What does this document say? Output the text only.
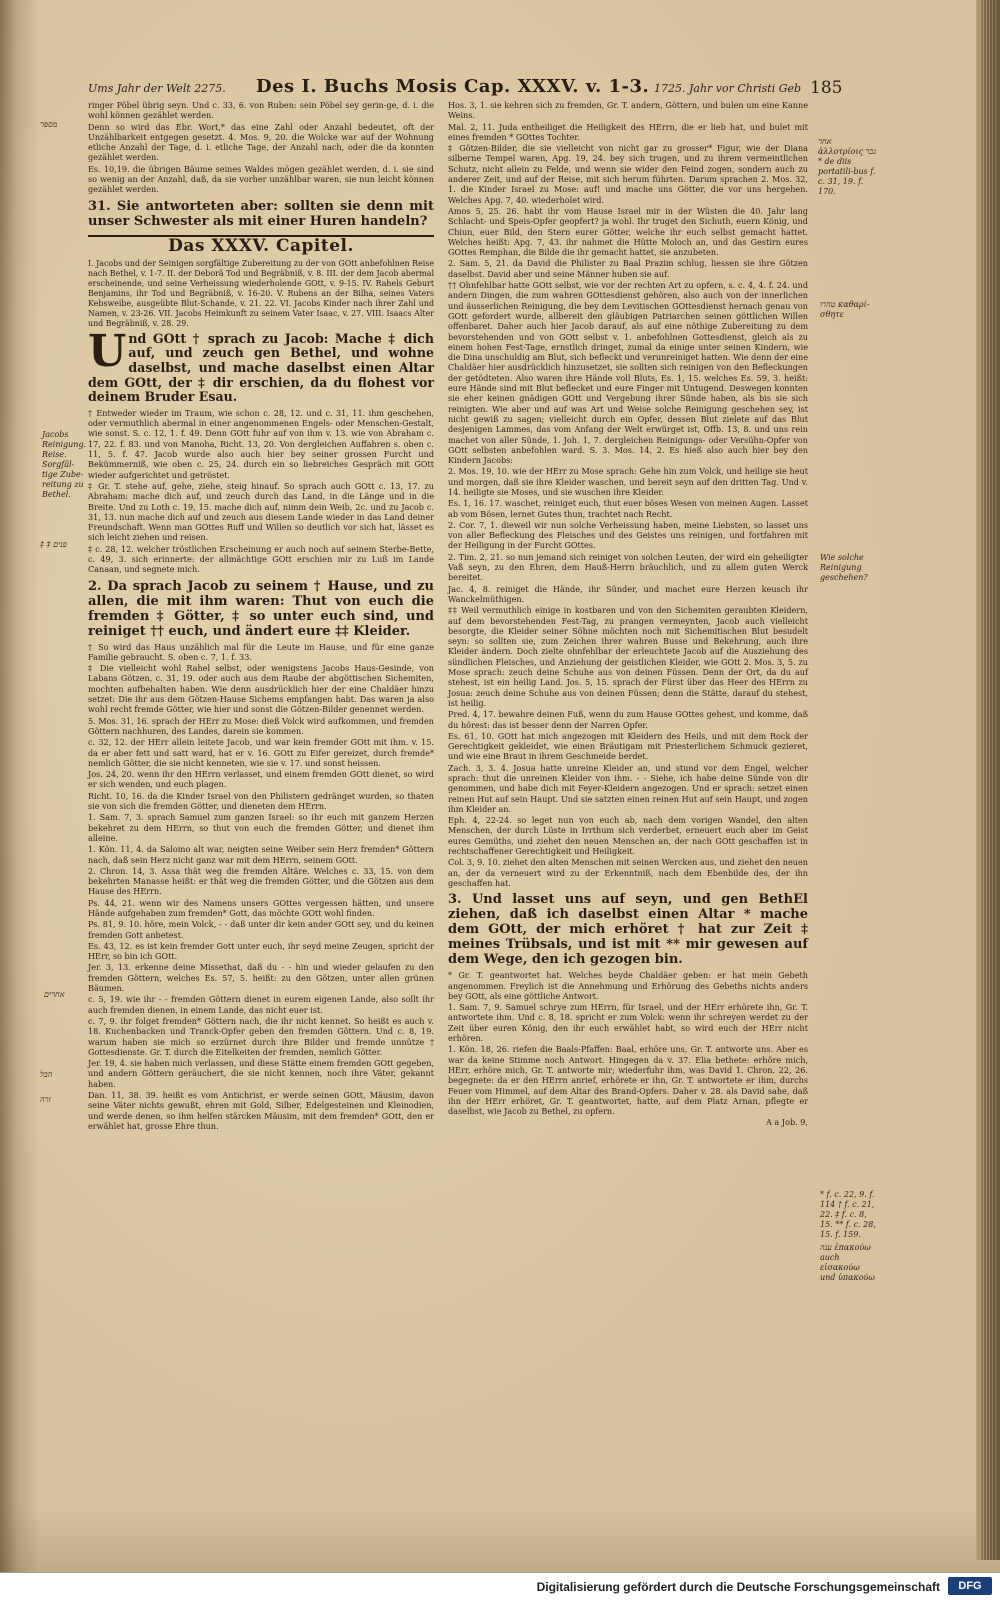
Ums Jahr der Welt 2275. Des I. Buchs Mosis Cap. XXXV. v. 1-3. 1725. Jahr vor Christi Geb 185

ringer Pöbel übrig seyn. Und c. 33, 6. von Ruben: sein Pöbel sey gerin-ge, d. i. die wohl können gezählet werden.

Denn so wird das Ebr. Wort,* das eine Zahl oder Anzahl bedeutet, oft der Unzählbarkeit entgegen gesetzt. 4. Mos. 9, 20. die Wolcke war auf der Wohnung etliche Anzahl der Tage, d. i. etliche Tage, der Anzahl nach, oder die da konnten gezählet werden.

Es. 10,19. die übrigen Bäume seines Waldes mögen gezählet werden, d. i. sie sind so wenig an der Anzahl, daß, da sie vorher unzählbar waren, sie nun leicht können gezählet werden.

31. Sie antworteten aber: sollten sie denn mit unser Schwester als mit einer Huren handeln?

Das XXXV. Capitel.

I. Jacobs und der Seinigen sorgfältige Zubereitung zu der von GOtt anbefohlnen Reise nach Bethel, v. 1-7. II. der Deborä Tod und Begräbniß, v. 8. III. der dem Jacob abermal erscheinende, und seine Verheissung wiederholende GOtt, v. 9-15. IV. Rahels Geburt Benjamins, ihr Tod und Begräbniß, v. 16-20. V. Rubens an der Bilha, seines Vaters Kebsweibe, ausgeübte Blut-Schande, v. 21. 22. VI. Jacobs Kinder nach ihrer Zahl und Namen, v. 23-26. VII. Jacobs Heimkunft zu seinem Vater Isaac, v. 27. VIII. Isaacs Alter und Begräbniß, v. 28. 29.

U nd GOtt † sprach zu Jacob: Mache ‡ dich auf, und zeuch gen Bethel, und wohne daselbst, und mache daselbst einen Altar dem GOtt, der ‡ dir erschien, da du flohest vor deinem Bruder Esau.

† Entweder wieder im Traum, wie schon c. 28, 12. und c. 31, 11. ihm geschehen, oder vermuthlich abermal in einer angenommenen Engels- oder Menschen-Gestalt, wie sonst. S. c. 12, 1. f. 49. Denn GOtt fuhr auf von ihm v. 13. wie von Abraham c. 17, 22. f. 83. und von Manoha, Richt. 13, 20. Von dergleichen Auffahren s. oben c. 11, 5. f. 47. Jacob wurde also auch hier bey seiner grossen Furcht und Bekümmerniß, wie oben c. 25, 24. durch ein so liebreiches Gespräch mit GOtt wieder aufgerichtet und getröstet.

‡ Gr. T. stehe auf, gehe, ziehe, steig hinauf. So sprach auch GOtt c. 13, 17. zu Abraham: mache dich auf, und zeuch durch das Land, in die Länge und in die Breite. Und zu Loth c. 19, 15. mache dich auf, nimm dein Weib, 2c. und zu Jacob c. 31, 13. nun mache dich auf und zeuch aus diesem Lande wieder in das Land deiner Freundschaft. Wenn man GOttes Ruff und Willen so deutlich vor sich hat, lässet es sich leicht ziehen und reisen.

‡ c. 28, 12. welcher tröstlichen Erscheinung er auch noch auf seinem Sterbe-Bette, c. 49, 3. sich erinnerte: der allmächtige GOtt erschien mir zu Luß im Lande Canaan, und segnete mich.

2. Da sprach Jacob zu seinem † Hause, und zu allen, die mit ihm waren: Thut von euch die fremden ‡ Götter, ‡ so unter euch sind, und reiniget †† euch, und ändert eure ‡‡ Kleider.

† So wird das Haus unzählich mal für die Leute im Hause, und für eine ganze Familie gebraucht. S. oben c. 7, 1. f. 33.

‡ Die vielleicht wohl Rahel selbst, oder wenigstens Jacobs Haus-Gesinde, von Labans Götzen, c. 31, 19. oder auch aus dem Raube der abgöttischen Sichemiten, mochten aufbehalten haben. Wie denn ausdrücklich hier der eine Chaldäer hinzu setzet: Die ihr aus dem Götzen-Hause Sichems empfangen habt. Das waren ja also wohl recht fremde Götter, wie hier und sonst die Götzen-Bilder genennet werden.

5. Mos. 31, 16. sprach der HErr zu Mose: dieß Volck wird aufkommen, und fremden Göttern nachhuren, des Landes, darein sie kommen.

c. 32, 12. der HErr allein leitete Jacob, und war kein fremder GOtt mit ihm. v. 15. da er aber fett und satt ward, hat er v. 16. GOtt zu Eifer gereizet, durch fremde* nemlich Götter, die sie nicht kenneten, wie sie v. 17. und sonst heissen.

Jos. 24, 20. wenn ihr den HErrn verlasset, und einem fremden GOtt dienet, so wird er sich wenden, und euch plagen.

Richt. 10, 16. da die Kinder Israel von den Philistern gedränget wurden, so thaten sie von sich die fremden Götter, und dieneten dem HErrn.

1. Sam. 7, 3. sprach Samuel zum ganzen Israel: so ihr euch mit ganzem Herzen bekehret zu dem HErrn, so thut von euch die fremden Götter, und dienet ihm alleine.

1. Kön. 11, 4. da Salomo alt war, neigten seine Weiber sein Herz fremden* Göttern nach, daß sein Herz nicht ganz war mit dem HErrn, seinem GOtt.

2. Chron. 14, 3. Assa thät weg die fremden Altäre. Welches c. 33, 15. von dem bekehrten Manasse heißt: er thät weg die fremden Götter, und die Götzen aus dem Hause des HErrn.

Ps. 44, 21. wenn wir des Namens unsers GOttes vergessen hätten, und unsere Hände aufgehaben zum fremden* Gott, das möchte GOtt wohl finden.

Ps. 81, 9. 10. höre, mein Volck, - - daß unter dir kein ander GOtt sey, und du keinen fremden Gott anbetest.

Es. 43, 12. es ist kein fremder Gott unter euch, ihr seyd meine Zeugen, spricht der HErr, so bin ich GOtt.

Jer. 3, 13. erkenne deine Missethat, daß du - - hin und wieder gelaufen zu den fremden Göttern, welches Es. 57, 5. heißt: zu den Götzen, unter allen grünen Bäumen.

c. 5, 19. wie ihr - - fremden Göttern dienet in eurem eigenen Lande, also sollt ihr auch fremden dienen, in einem Lande, das nicht euer ist.

c. 7, 9. ihr folget fremden* Göttern nach, die ihr nicht kennet. So heißt es auch v. 18. Kuchenbacken und Tranck-Opfer geben den fremden Göttern. Und c. 8, 19. warum haben sie mich so erzürnet durch ihre Bilder und fremde unnütze † Gottesdienste. Gr. T. durch die Eitelkeiten der fremden, nemlich Götter.

Jer. 19, 4. sie haben mich verlassen, und diese Stätte einem fremden GOtt gegeben, und andern Göttern geräuchert, die sie nicht kennen, noch ihre Väter, gekannt haben.

Dan. 11, 38. 39. heißt es vom Antichrist, er werde seinen GOtt, Mäusim, davon seine Väter nichts gewußt, ehren mit Gold, Silber, Edelgesteinen und Kleinodien, und werde denen, so ihm helfen stärcken Mäusim, mit dem fremden* GOtt, den er erwählet hat, grosse Ehre thun.

Hos. 3, 1. sie kehren sich zu fremden, Gr. T. andern, Göttern, und bulen um eine Kanne Weins.

Mal. 2, 11. Juda entheiliget die Heiligkeit des HErrn, die er lieb hat, und bulet mit eines fremden * GOttes Tochter.

‡ Götzen-Bilder, die sie vielleicht von nicht gar zu grosser* Figur, wie der Diana silberne Tempel waren, Apg. 19, 24. bey sich trugen, und zu ihrem vermeintlichen Schutz, nicht allein zu Felde, und wenn sie wider den Feind zogen, sondern auch zu anderer Zeit, und auf der Reise, mit sich herum führten. Darum sprachen 2. Mos. 32, 1. die Kinder Israel zu Mose: auf! und mache uns Götter, die vor uns hergehen. Welches Apg. 7, 40. wiederholet wird.

Amos 5, 25. 26. habt ihr vom Hause Israel mir in der Wüsten die 40. Jahr lang Schlacht- und Speis-Opfer geopfert? ja wohl. Ihr truget den Sichuth, euern König, und Chiun, euer Bild, den Stern eurer Götter, welche ihr euch selbst gemacht hattet. Welches heißt: Apg. 7, 43. ihr nahmet die Hütte Moloch an, und das Gestirn eures GOttes Remphan, die Bilde die ihr gemacht hattet, sie anzubeten.

2. Sam. 5, 21. da David die Philister zu Baal Prazim schlug, liessen sie ihre Götzen daselbst. David aber und seine Männer huben sie auf.

†† Ohnfehlbar hatte GOtt selbst, wie vor der rechten Art zu opfern, s. c. 4, 4. f. 24. und andern Dingen, die zum wahren GOttesdienst gehören, also auch von der innerlichen und äusserlichen Reinigung, die bey dem Levitischen GOttesdienst hernach genau von GOtt gefordert wurde, allbereit den gläubigen Patriarchen seinen göttlichen Willen offenbaret. Daher auch hier Jacob darauf, als auf eine nöthige Zubereitung zu dem bevorstehenden und von GOtt selbst v. 1. anbefohlnen Gottesdienst, gleich als zu einem hohen Fest-Tage, ernstlich dringet, zumal da einige unter seinen Kindern, wie die Dina unschuldig am Blut, sich befleckt und verunreiniget hatten. Wie denn der eine Chaldäer hier ausdrücklich hinzusetzet, sie sollten sich reinigen von den Befleckungen der getödteten. Also waren ihre Hände voll Bluts, Es. 1, 15. welches Es. 59, 3. heißt: eure Hände sind mit Blut beflecket und eure Finger mit Untugend. Deswegen konnten sie eher keinen gnädigen GOtt und Vergebung ihrer Sünde haben, als bis sie sich reinigten. Wie aber und auf was Art und Weise solche Reinigung geschehen sey, ist nicht gewiß zu sagen; vielleicht durch ein Opfer, dessen Blut zielete auf das Blut desjenigen Lammes, das vom Anfang der Welt erwürget ist, Offb. 13, 8. und uns rein machet von aller Sünde, 1. Joh. 1, 7. dergleichen Reinigungs- oder Versühn-Opfer von GOtt selbsten anbefohlen ward. S. 3. Mos. 14, 2. Es hieß also auch hier bey den Kindern Jacobs:

2. Mos. 19, 10. wie der HErr zu Mose sprach: Gehe hin zum Volck, und heilige sie heut und morgen, daß sie ihre Kleider waschen, und bereit seyn auf den dritten Tag. Und v. 14. heiligte sie Moses, und sie wuschen ihre Kleider.

Es. 1, 16. 17. waschet, reiniget euch, thut euer böses Wesen von meinen Augen. Lasset ab vom Bösen, lernet Gutes thun, trachtet nach Recht.

2. Cor. 7, 1. dieweil wir nun solche Verheissung haben, meine Liebsten, so lasset uns von aller Befleckung des Fleisches und des Geistes uns reinigen, und fortfahren mit der Heiligung in der Furcht GOttes.

2. Tim. 2, 21. so nun jemand sich reiniget von solchen Leuten, der wird ein geheiligter Vaß seyn, zu den Ehren, dem Hauß-Herrn bräuchlich, und zu allem guten Werck bereitet.

Jac. 4, 8. reiniget die Hände, ihr Sünder, und machet eure Herzen keusch ihr Wanckelmüthigen.

‡‡ Weil vermuthlich einige in kostbaren und von den Sichemiten geraubten Kleidern, auf dem bevorstehenden Fest-Tag, zu prangen vermeynten, Jacob auch vielleicht besorgte, die Kleider seiner Söhne möchten noch mit Sichemitischen Blut besudelt seyn: so sollten sie, zum Zeichen ihrer wahren Busse und Bekehrung, auch ihre Kleider ändern. Doch zielte ohnfehlbar der erleuchtete Jacob auf die Ausziehung des sündlichen Fleisches, und Anziehung der geistlichen Kleider, wie GOtt 2. Mos. 3, 5. zu Mose sprach: zeuch deine Schuhe aus von deinen Füssen. Denn der Ort, da du auf stehest, ist ein heilig Land. Jos. 5, 15. sprach der Fürst über das Heer des HErrn zu Josua: zeuch deine Schuhe aus von deinen Füssen; denn die Stätte, darauf du stehest, ist heilig.

Pred. 4, 17. bewahre deinen Fuß, wenn du zum Hause GOttes gehest, und komme, daß du hörest: das ist besser denn der Narren Opfer.

Es. 61, 10. GOtt hat mich angezogen mit Kleidern des Heils, und mit dem Rock der Gerechtigkeit gekleidet, wie einen Bräutigam mit Priesterlichem Schmuck gezieret, und wie eine Braut in ihrem Geschmeide berdet.

Zach. 3, 3. 4. Josua hatte unreine Kleider an, und stund vor dem Engel, welcher sprach: thut die unreinen Kleider von ihm. - - Siehe, ich habe deine Sünde von dir genommen, und habe dich mit Feyer-Kleidern angezogen. Und er sprach: setzet einen reinen Hut auf sein Haupt. Und sie satzten einen reinen Hut auf sein Haupt, und zogen ihm Kleider an.

Eph. 4, 22-24. so leget nun von euch ab, nach dem vorigen Wandel, den alten Menschen, der durch Lüste in Irrthum sich verderbet, erneuert euch aber im Geist eures Gemüths, und ziehet den neuen Menschen an, der nach GOtt geschaffen ist in rechtschaffener Gerechtigkeit und Heiligkeit.

Col. 3, 9. 10. ziehet den alten Menschen mit seinen Wercken aus, und ziehet den neuen an, der da verneuert wird zu der Erkenntniß, nach dem Ebenbilde des, der ihn geschaffen hat.

3. Und lasset uns auf seyn, und gen BethEl ziehen, daß ich daselbst einen Altar * mache dem GOtt, der mich erhöret † hat zur Zeit ‡ meines Trübsals, und ist mit ** mir gewesen auf dem Wege, den ich gezogen bin.

* Gr. T. geantwortet hat. Welches beyde Chaldäer geben: er hat mein Gebeth angenommen. Freylich ist die Annehmung und Erhörung des Gebeths nichts anders bey GOtt, als eine göttliche Antwort.

1. Sam. 7, 9. Samuel schrye zum HErrn, für Israel, und der HErr erhörete ihn, Gr. T. antwortete ihm. Und c. 8, 18. spricht er zum Volck: wenn ihr schreyen werdet zu der Zeit über euren König, den ihr euch erwählet habt, so wird euch der HErr nicht erhören.

1. Kön. 18, 26. riefen die Baals-Pfaffen: Baal, erhöre uns, Gr. T. antworte uns. Aber es war da keine Stimme noch Antwort. Hingegen da v. 37. Elia bethete: erhöre mich, HErr, erhöre mich, Gr. T. antworte mir; wiederfuhr ihm, was David 1. Chron. 22, 26. begegnete: da er den HErrn anrief, erhörete er ihn, Gr. T. antwortete er ihm, durchs Feuer vom Himmel, auf dem Altar des Brand-Opfers. Daher v. 28. als David sahe, daß ihn der HErr erhöret, Gr. T. geantwortet, hatte, auf dem Platz Arnan, pflegte er daselbst, wie Jacob zu Bethel, zu opfern.

A a Job. 9,

מספר
Jacobs Reinigung. Reise. Sorgfäl-tige Zube-reitung zu Bethel.
‡ ‡ פנים
אחרים
הבל
זרה
אחר ἀλλοτρίοις נכר * de diis portatili-bus f. c. 31, 19. f. 170.
טהרו καθαρί-σθητε
Wie solche Reinigung geschehen?
* f. c. 22, 9. f. 114 † f. c. 21, 22. ‡ f. c. 8, 15. ** f. c. 28, 15. f. 159.
ענה ἐπακούω auch εἰσακούω und ὑπακούω
Digitalisierung gefördert durch die Deutsche Forschungsgemeinschaft	DFG
